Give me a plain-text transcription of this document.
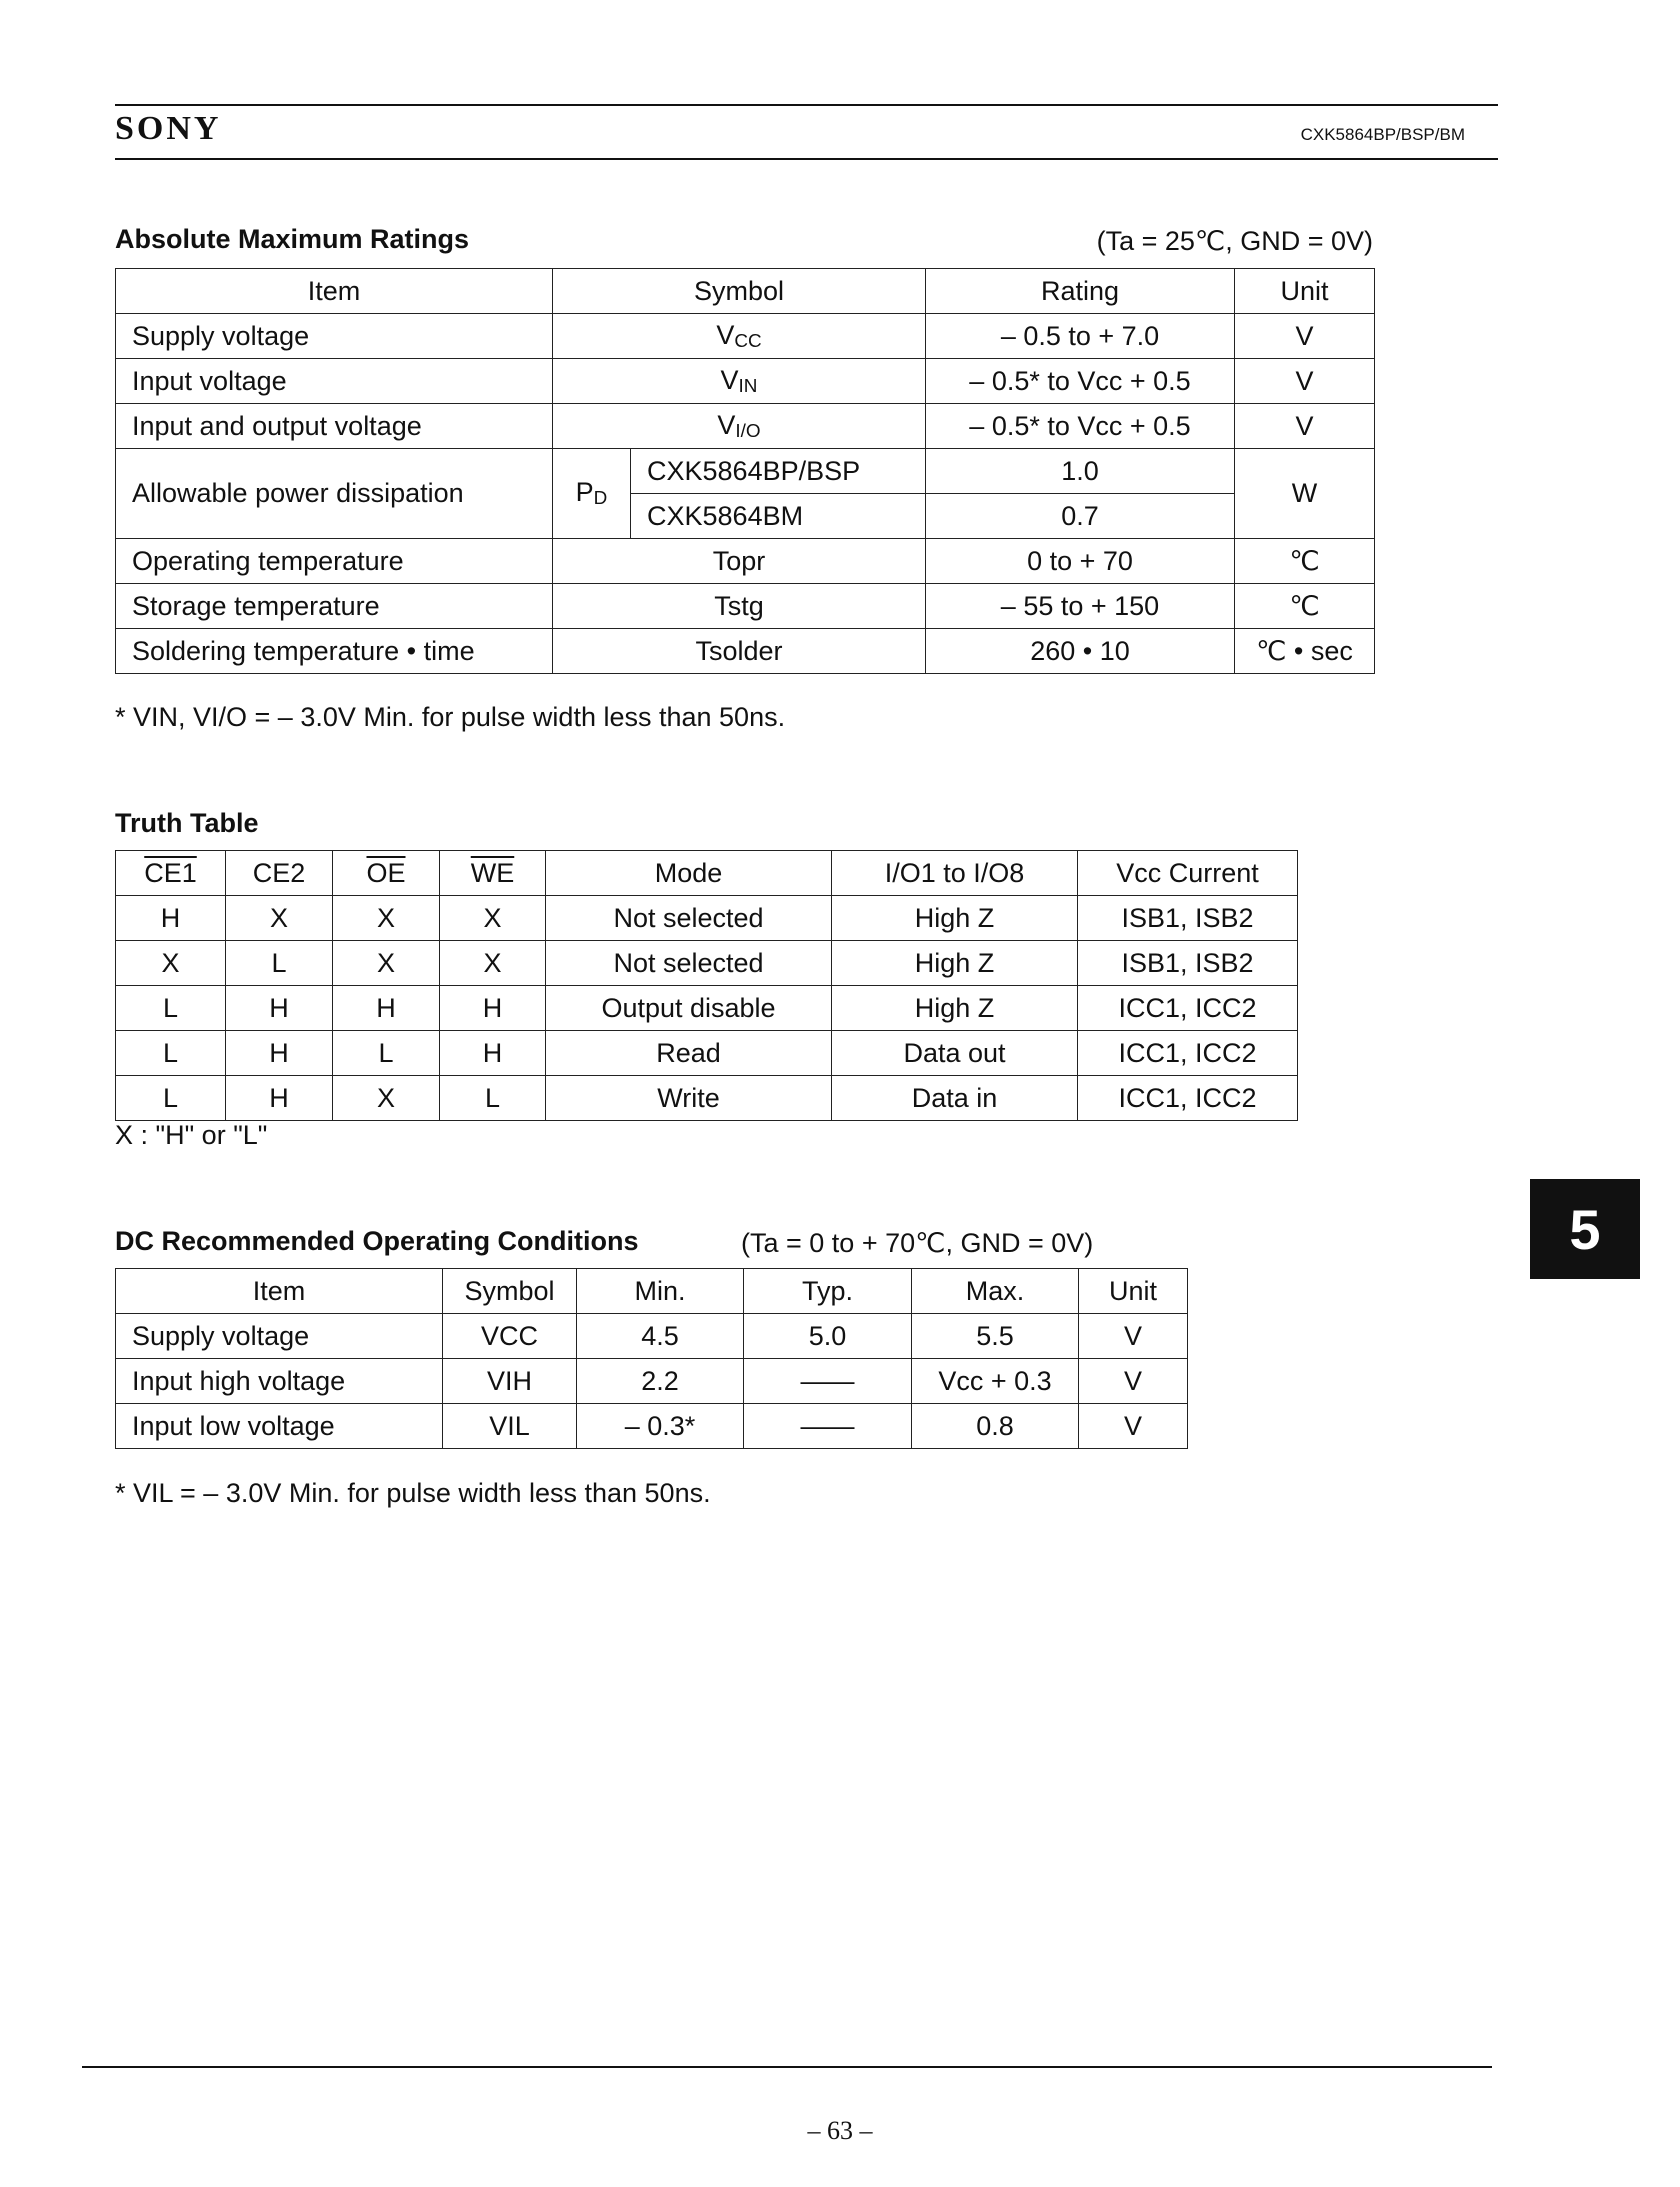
SONY	CXK5864BP/BSP/BM
Absolute Maximum Ratings	(Ta = 25℃, GND = 0V)
Item	Symbol		Rating	Unit
Supply voltage	$V_{CC}$		– 0.5 to + 7.0	V
Input voltage	$V_{IN}$		– 0.5* to Vcc + 0.5	V
Input and output voltage	$V_{I/O}$		– 0.5* to Vcc + 0.5	V
Allowable power dissipation	$P_D$	CXK5864BP/BSP	1.0	W
		CXK5864BM	0.7	
Operating temperature	Topr		0 to + 70	℃
Storage temperature	Tstg		– 55 to + 150	℃
Soldering temperature • time	Tsolder		260 • 10	℃ • sec
* VIN, VI/O = – 3.0V Min. for pulse width less than 50ns.
Truth Table
CE1	CE2	$\overline{OE}$	$\overline{WE}$	Mode	I/O1 to I/O8	Vcc Current
H	X	X	X	Not selected	High Z	ISB1, ISB2
X	L	X	X	Not selected	High Z	ISB1, ISB2
L	H	H	H	Output disable	High Z	ICC1, ICC2
L	H	L	H	Read	Data out	ICC1, ICC2
L	H	X	L	Write	Data in	ICC1, ICC2
X : "H" or "L"
DC Recommended Operating Conditions	(Ta = 0 to + 70℃, GND = 0V)
Item	Symbol	Min.	Typ.	Max.	Unit
Supply voltage	VCC	4.5	5.0	5.5	V
Input high voltage	VIH	2.2	——	Vcc + 0.3	V
Input low voltage	VIL	– 0.3*	——	0.8	V
* VIL = – 3.0V Min. for pulse width less than 50ns.
5
– 63 –
